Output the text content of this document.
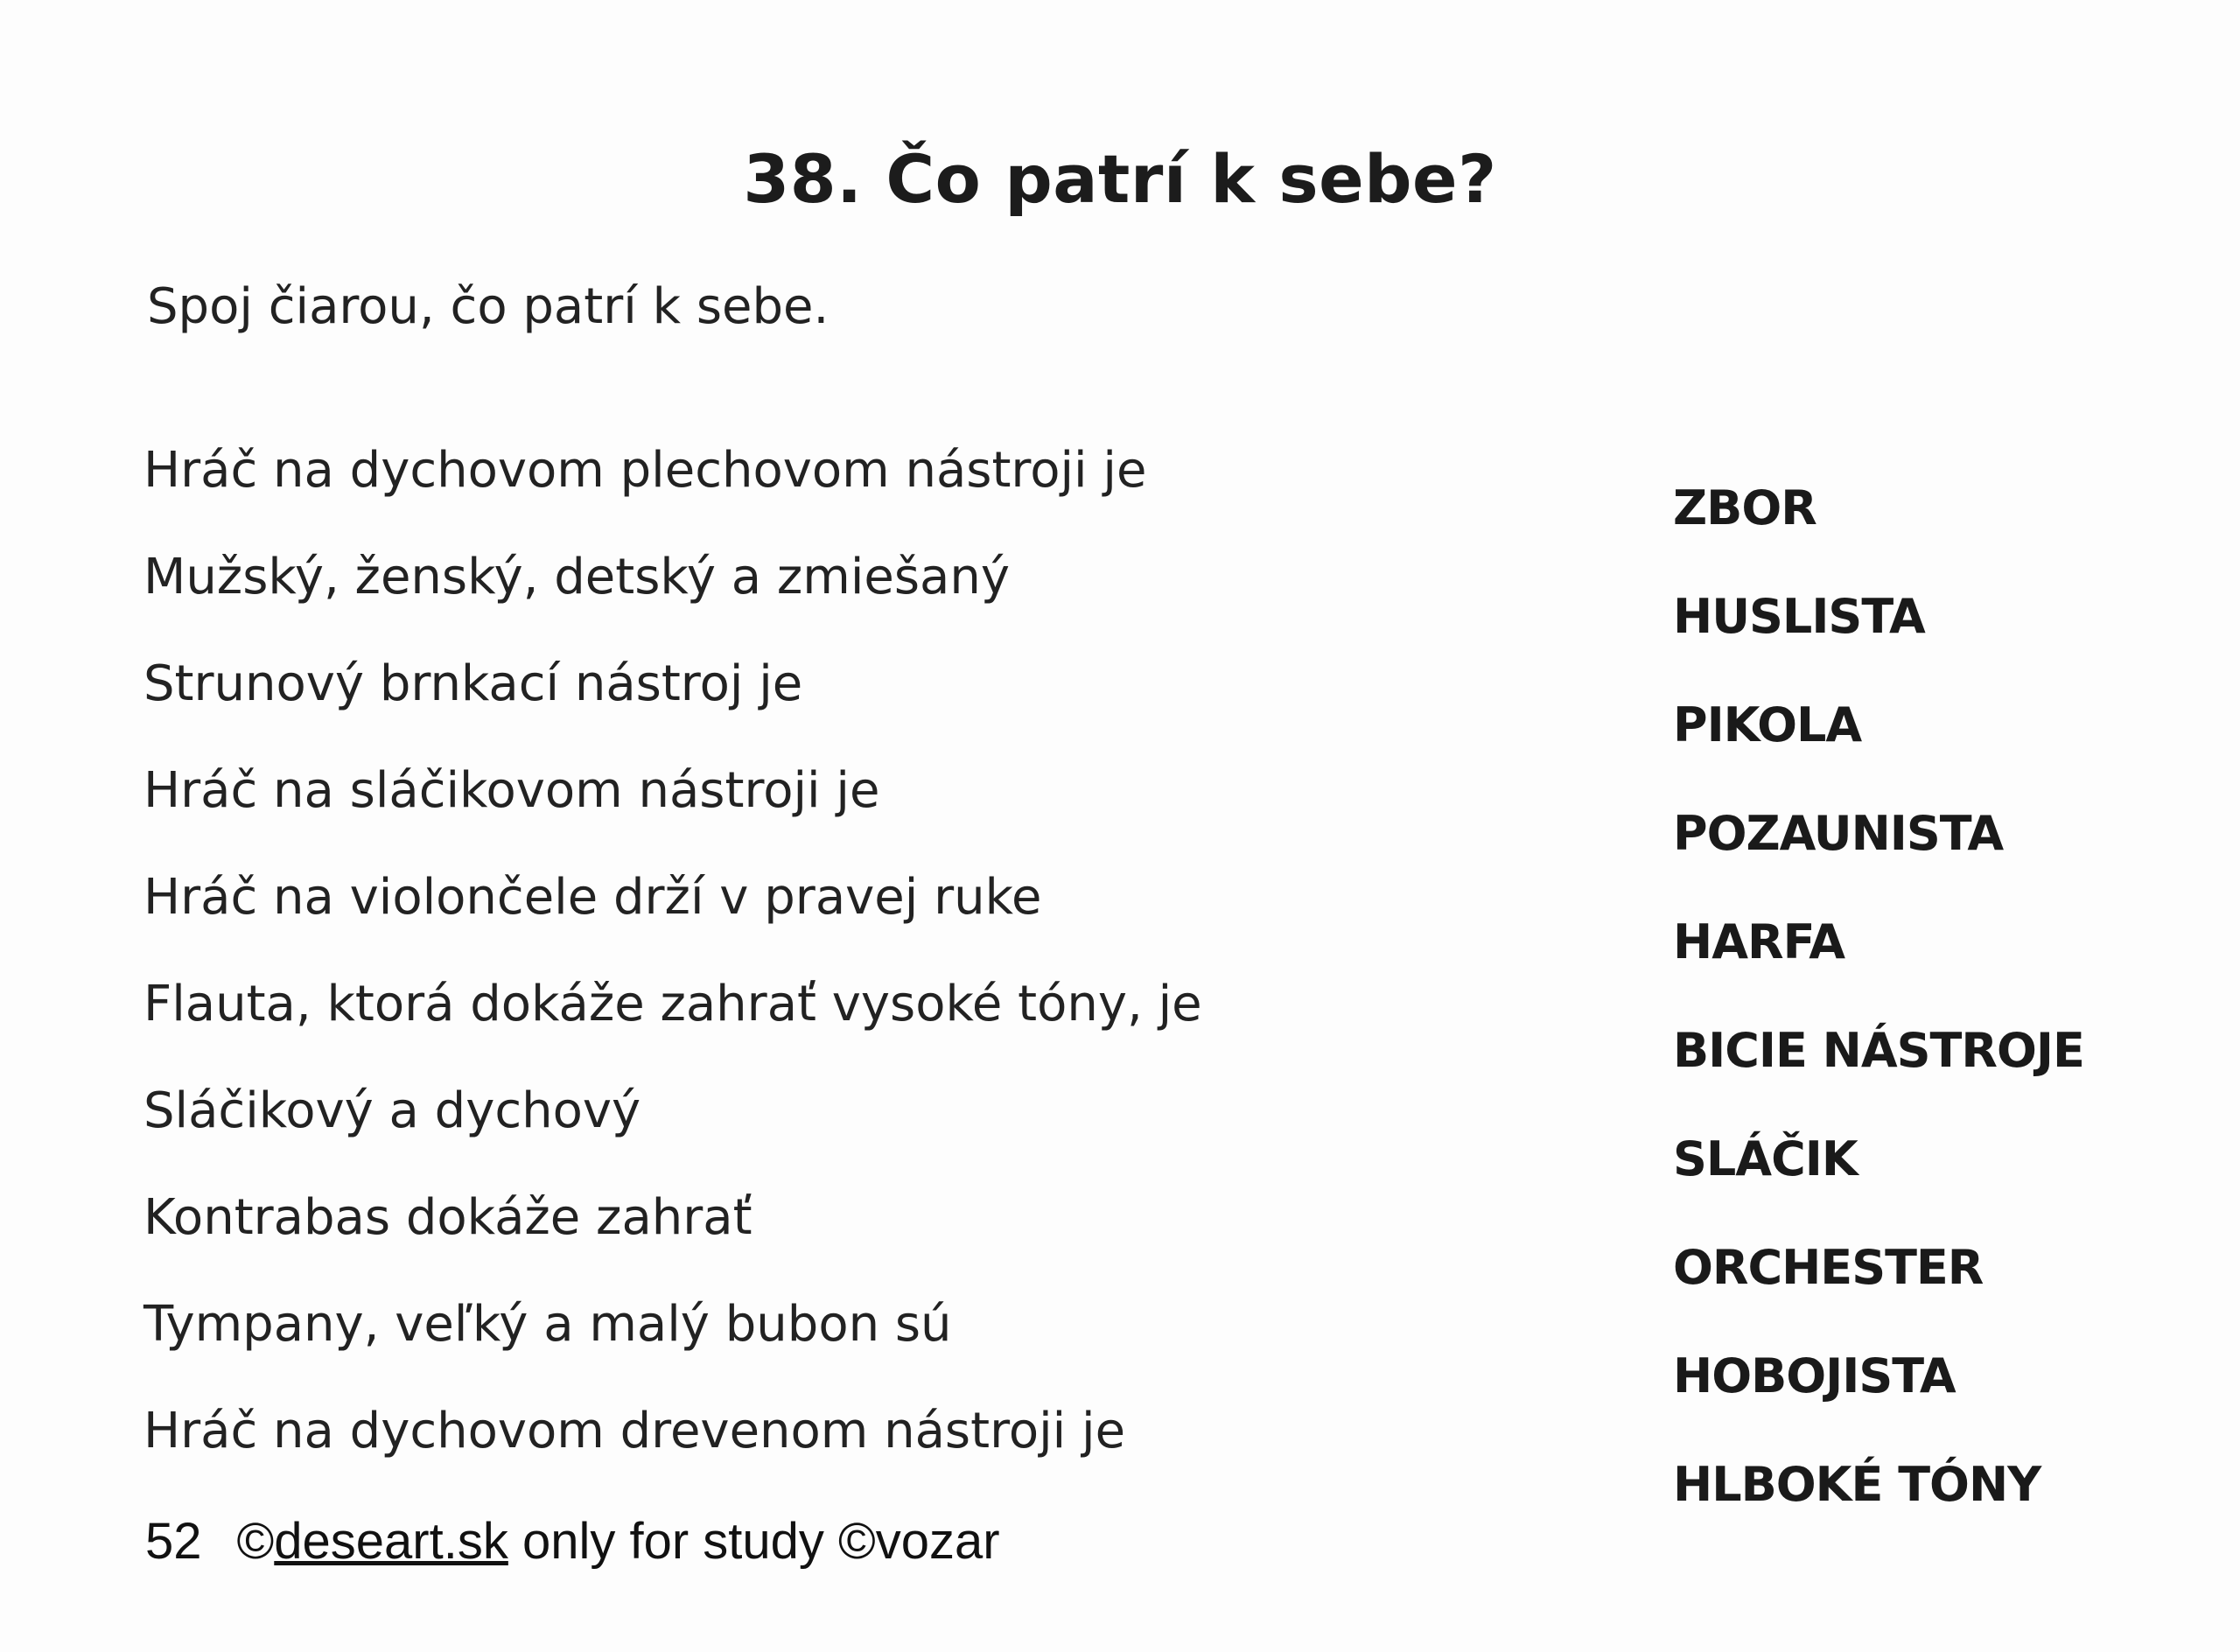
38. Čo patrí k sebe?
Spoj čiarou, čo patrí k sebe.
Hráč na dychovom plechovom nástroji je
Mužský, ženský, detský a zmiešaný
Strunový brnkací nástroj je
Hráč na sláčikovom nástroji je
Hráč na violončele drží v pravej ruke
Flauta, ktorá dokáže zahrať vysoké tóny, je
Sláčikový a dychový
Kontrabas dokáže zahrať
Tympany, veľký a malý bubon sú
Hráč na dychovom drevenom nástroji je
ZBOR
HUSLISTA
PIKOLA
POZAUNISTA
HARFA
BICIE NÁSTROJE
SLÁČIK
ORCHESTER
HOBOJISTA
HLBOKÉ TÓNY
52 ©deseart.sk only for study ©vozar
